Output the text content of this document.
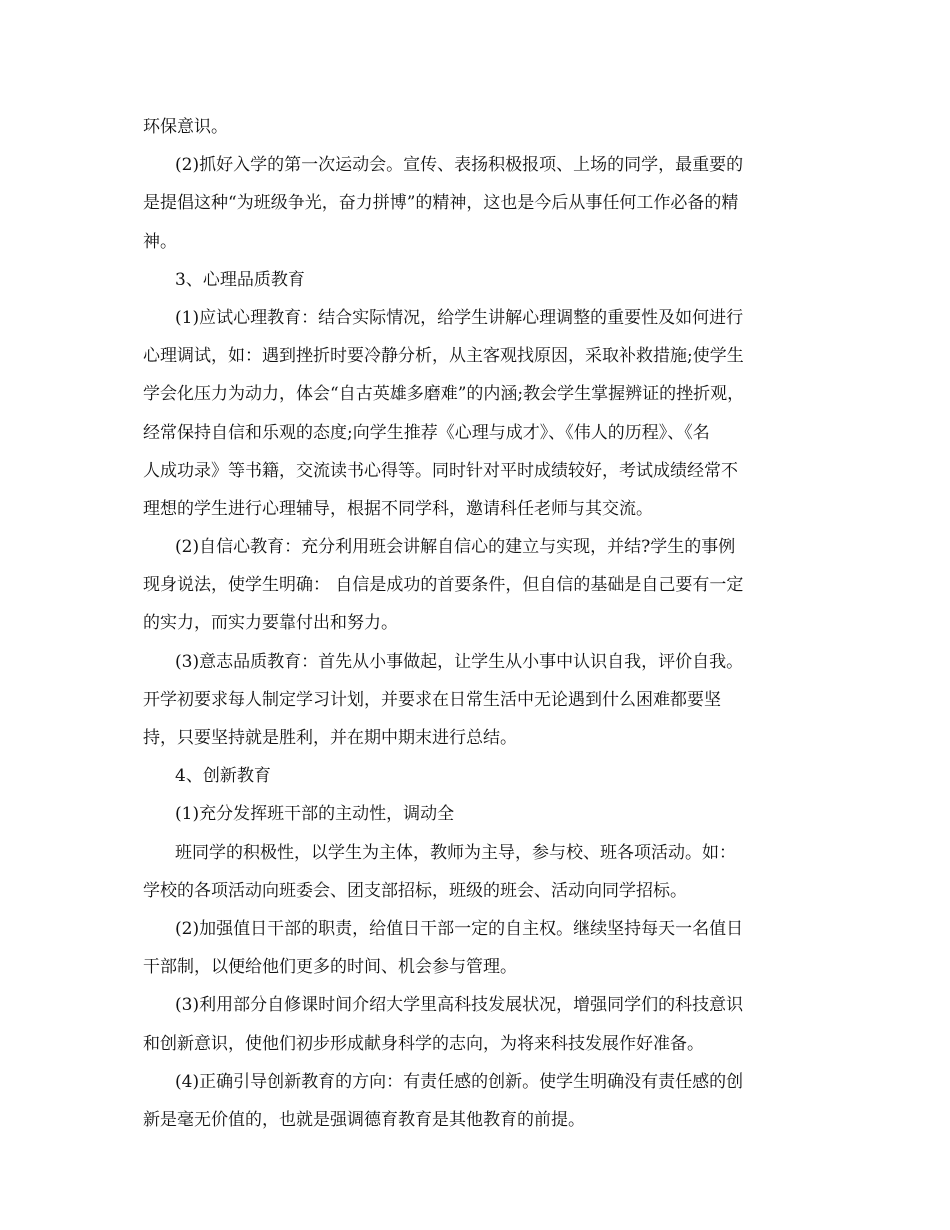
环保意识。
(2)抓好入学的第一次运动会。宣传、表扬积极报项、上场的同学，最重要的
是提倡这种“为班级争光，奋力拼博”的精神，这也是今后从事任何工作必备的精
神。
3、心理品质教育
(1)应试心理教育：结合实际情况，给学生讲解心理调整的重要性及如何进行
心理调试，如：遇到挫折时要冷静分析，从主客观找原因，采取补救措施;使学生
学会化压力为动力，体会“自古英雄多磨难”的内涵;教会学生掌握辨证的挫折观，
经常保持自信和乐观的态度;向学生推荐《心理与成才》、《伟人的历程》、《名
人成功录》等书籍，交流读书心得等。同时针对平时成绩较好，考试成绩经常不
理想的学生进行心理辅导，根据不同学科，邀请科任老师与其交流。
(2)自信心教育：充分利用班会讲解自信心的建立与实现，并结?学生的事例
现身说法，使学生明确： 自信是成功的首要条件，但自信的基础是自己要有一定
的实力，而实力要靠付出和努力。
(3)意志品质教育：首先从小事做起，让学生从小事中认识自我，评价自我。
开学初要求每人制定学习计划，并要求在日常生活中无论遇到什么困难都要坚
持，只要坚持就是胜利，并在期中期末进行总结。
4、创新教育
(1)充分发挥班干部的主动性，调动全
班同学的积极性，以学生为主体，教师为主导，参与校、班各项活动。如：
学校的各项活动向班委会、团支部招标，班级的班会、活动向同学招标。
(2)加强值日干部的职责，给值日干部一定的自主权。继续坚持每天一名值日
干部制，以便给他们更多的时间、机会参与管理。
(3)利用部分自修课时间介绍大学里高科技发展状况，增强同学们的科技意识
和创新意识，使他们初步形成献身科学的志向，为将来科技发展作好准备。
(4)正确引导创新教育的方向：有责任感的创新。使学生明确没有责任感的创
新是毫无价值的，也就是强调德育教育是其他教育的前提。
